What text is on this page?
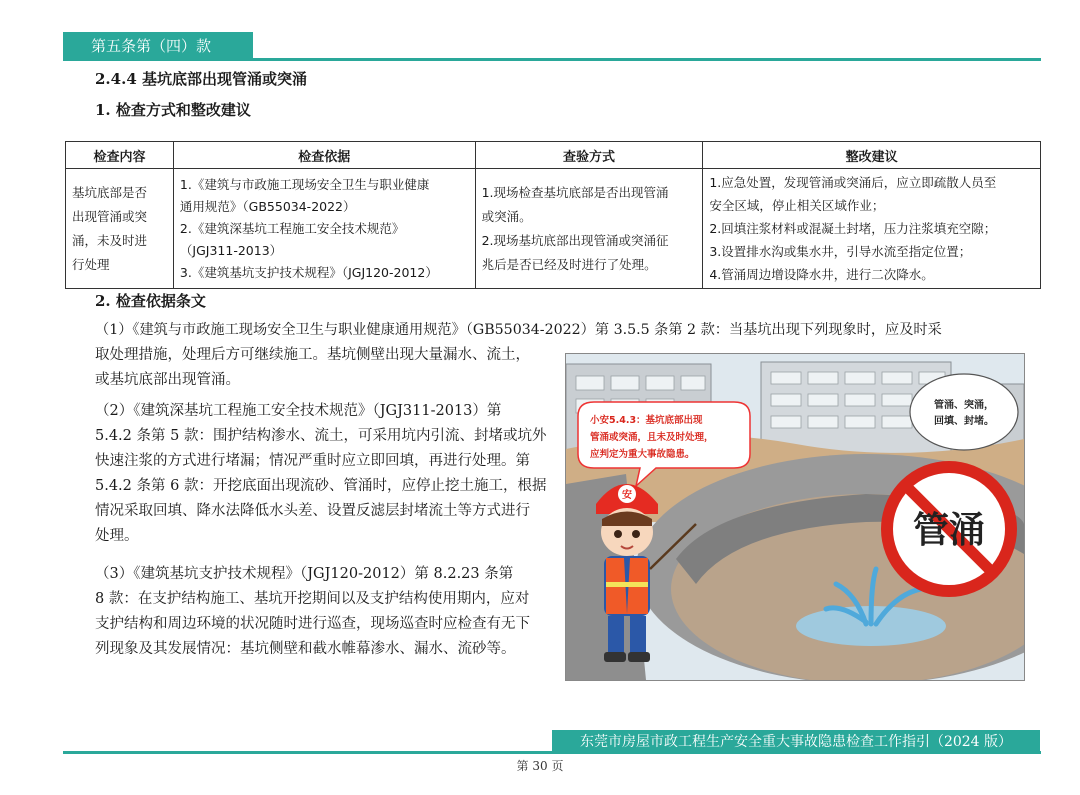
第五条第（四）款
2.4.4 基坑底部出现管涌或突涌
1. 检查方式和整改建议
检查内容	检查依据	查验方式	整改建议

基坑底部是否
出现管涌或突
涌，未及时进
行处理	1.《建筑与市政施工现场安全卫生与职业健康
通用规范》（GB55034-2022）
2.《建筑深基坑工程施工安全技术规范》
（JGJ311-2013）
3.《建筑基坑支护技术规程》（JGJ120-2012）	1.现场检查基坑底部是否出现管涌
或突涌。
2.现场基坑底部出现管涌或突涌征
兆后是否已经及时进行了处理。	1.应急处置，发现管涌或突涌后，应立即疏散人员至
安全区域，停止相关区域作业；
2.回填注浆材料或混凝土封堵，压力注浆填充空隙；
3.设置排水沟或集水井，引导水流至指定位置；
4.管涌周边增设降水井，进行二次降水。
2. 检查依据条文
（1）《建筑与市政施工现场安全卫生与职业健康通用规范》（GB55034-2022）第 3.5.5 条第 2 款：当基坑出现下列现象时，应及时采
取处理措施，处理后方可继续施工。基坑侧壁出现大量漏水、流土，
或基坑底部出现管涌。
（2）《建筑深基坑工程施工安全技术规范》（JGJ311-2013）第
5.4.2 条第 5 款：围护结构渗水、流土，可采用坑内引流、封堵或坑外
快速注浆的方式进行堵漏；情况严重时应立即回填，再进行处理。第
5.4.2 条第 6 款：开挖底面出现流砂、管涌时，应停止挖土施工，根据
情况采取回填、降水法降低水头差、设置反滤层封堵流土等方式进行
处理。
（3）《建筑基坑支护技术规程》（JGJ120-2012）第 8.2.23 条第
8 款：在支护结构施工、基坑开挖期间以及支护结构使用期内，应对
支护结构和周边环境的状况随时进行巡查，现场巡查时应检查有无下
列现象及其发展情况：基坑侧壁和截水帷幕渗水、漏水、流砂等。
管涌
小安5.4.3：基坑底部出现
管涌或突涌，且未及时处理，
应判定为重大事故隐患。
管涌、突涌，
回填、封堵。
安
东莞市房屋市政工程生产安全重大事故隐患检查工作指引（2024 版）
第 30 页
